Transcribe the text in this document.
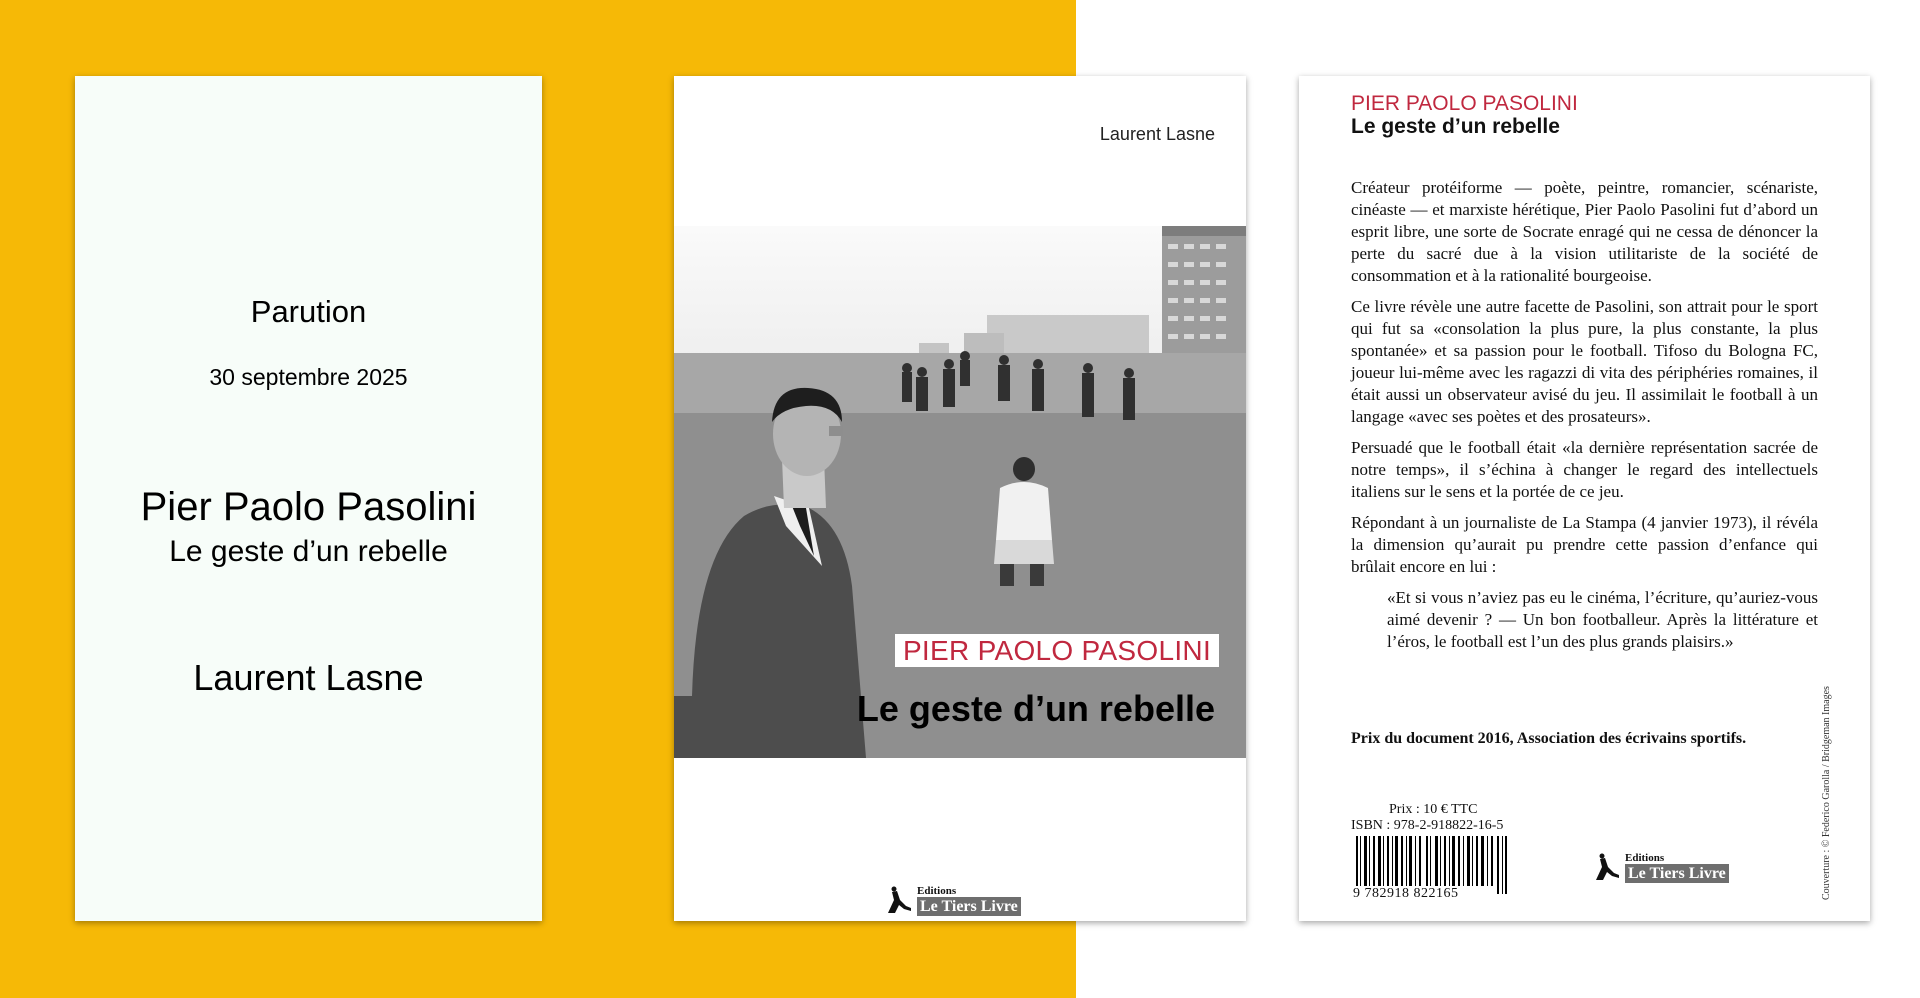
Parution
30 septembre 2025
Pier Paolo Pasolini
Le geste d’un rebelle
Laurent Lasne
Laurent Lasne
PIER PAOLO PASOLINI
Le geste d’un rebelle
Editions
Le Tiers Livre
PIER PAOLO PASOLINI
Le geste d’un rebelle

Créateur protéiforme — poète, peintre, romancier, scénariste, cinéaste — et marxiste hérétique, Pier Paolo Pasolini fut d’abord un esprit libre, une sorte de Socrate enragé qui ne cessa de dénoncer la perte du sacré due à la vision utilitariste de la société de consommation et à la rationalité bourgeoise.

Ce livre révèle une autre facette de Pasolini, son attrait pour le sport qui fut sa «consolation la plus pure, la plus constante, la plus spontanée» et sa passion pour le football. Tifoso du Bologna FC, joueur lui-même avec les ragazzi di vita des périphéries romaines, il était aussi un observateur avisé du jeu. Il assimilait le football à un langage «avec ses poètes et des prosateurs».

Persuadé que le football était «la dernière représentation sacrée de notre temps», il s’échina à changer le regard des intellectuels italiens sur le sens et la portée de ce jeu.

Répondant à un journaliste de La Stampa (4 janvier 1973), il révéla la dimension qu’aurait pu prendre cette passion d’enfance qui brûlait encore en lui :

«Et si vous n’aviez pas eu le cinéma, l’écriture, qu’auriez-vous aimé devenir ? — Un bon footballeur. Après la littérature et l’éros, le football est l’un des plus grands plaisirs.»

Prix du document 2016, Association des écrivains sportifs.
Prix : 10 € TTC
ISBN : 978-2-918822-16-5
9 782918 822165
Editions
Le Tiers Livre	Couverture : © Federico Garolla / Bridgeman Images
